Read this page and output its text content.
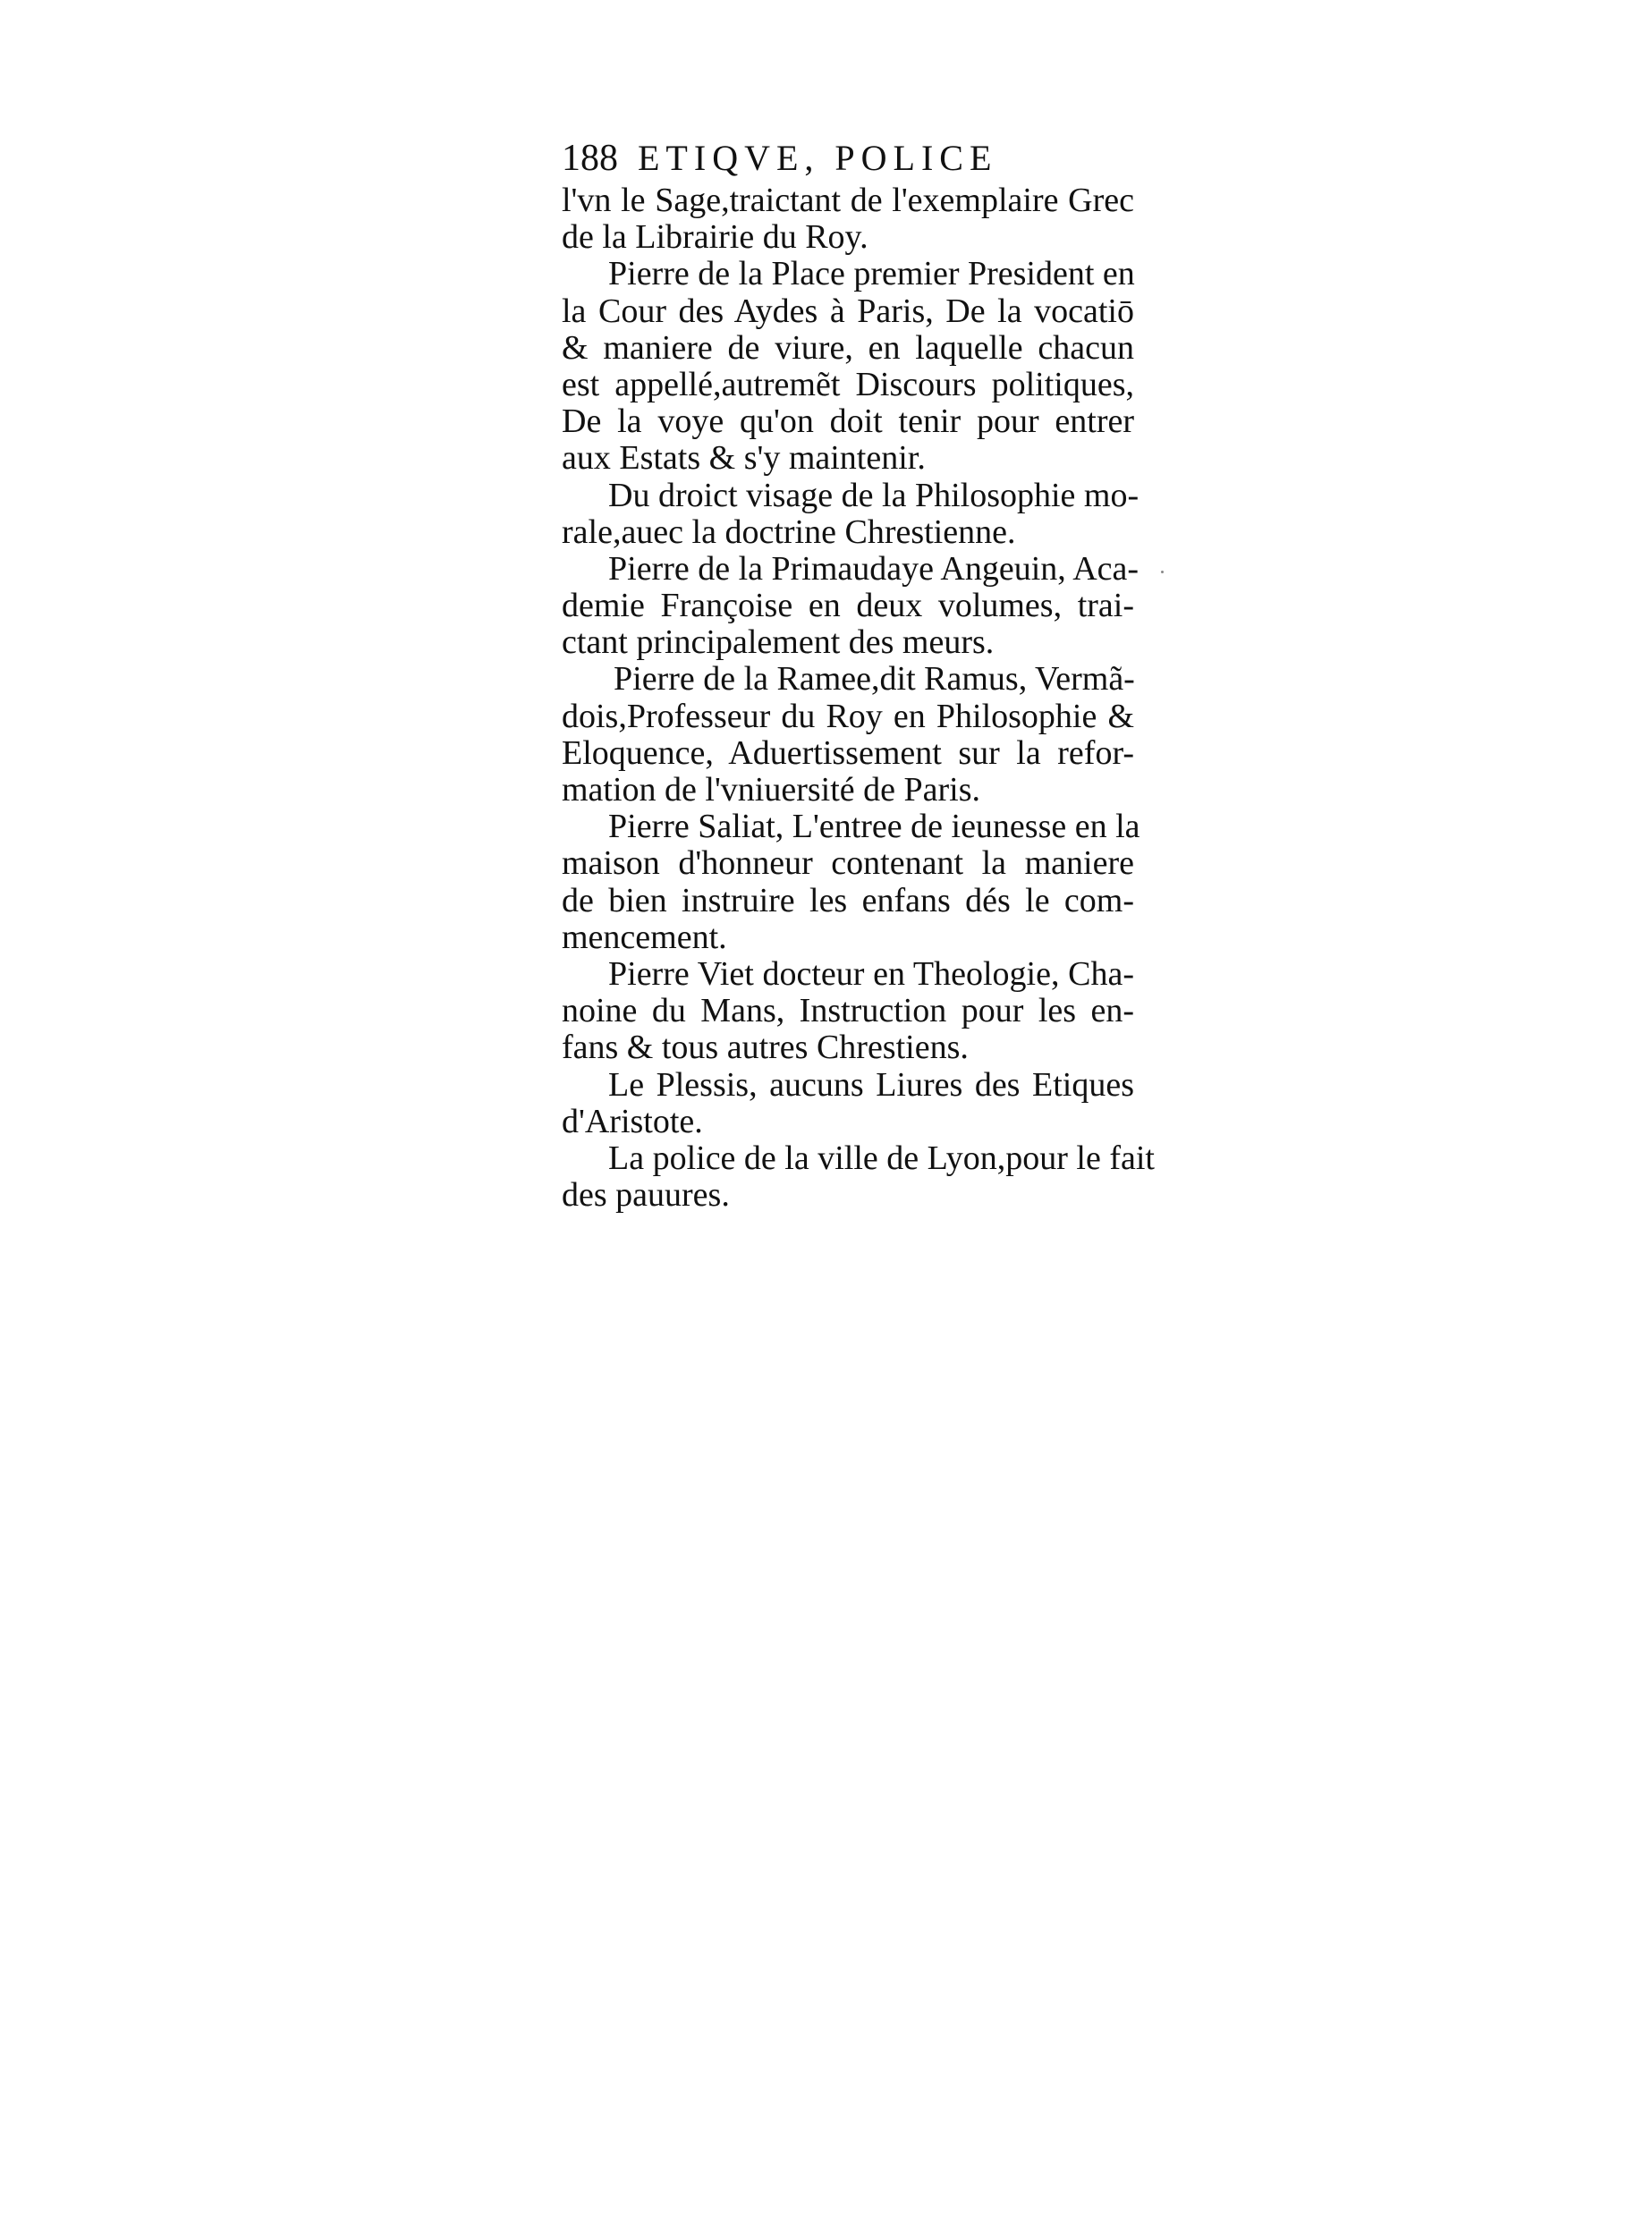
188 ETIQVE, POLICE
l'vn le Sage,traictant de l'exemplaire Grec
de la Librairie du Roy.
Pierre de la Place premier President en
la Cour des Aydes à Paris, De la vocatiō
& maniere de viure, en laquelle chacun
est appellé,autremẽt Discours politiques,
De la voye qu'on doit tenir pour entrer
aux Estats & s'y maintenir.
Du droict visage de la Philosophie mo-
rale,auec la doctrine Chrestienne.
Pierre de la Primaudaye Angeuin, Aca-
demie Françoise en deux volumes, trai-
ctant principalement des meurs.
Pierre de la Ramee,dit Ramus, Vermã-
dois,Professeur du Roy en Philosophie &
Eloquence, Aduertissement sur la refor-
mation de l'vniuersité de Paris.
Pierre Saliat, L'entree de ieunesse en la
maison d'honneur contenant la maniere
de bien instruire les enfans dés le com-
mencement.
Pierre Viet docteur en Theologie, Cha-
noine du Mans, Instruction pour les en-
fans & tous autres Chrestiens.
Le Plessis, aucuns Liures des Etiques
d'Aristote.
La police de la ville de Lyon,pour le fait
des pauures.
